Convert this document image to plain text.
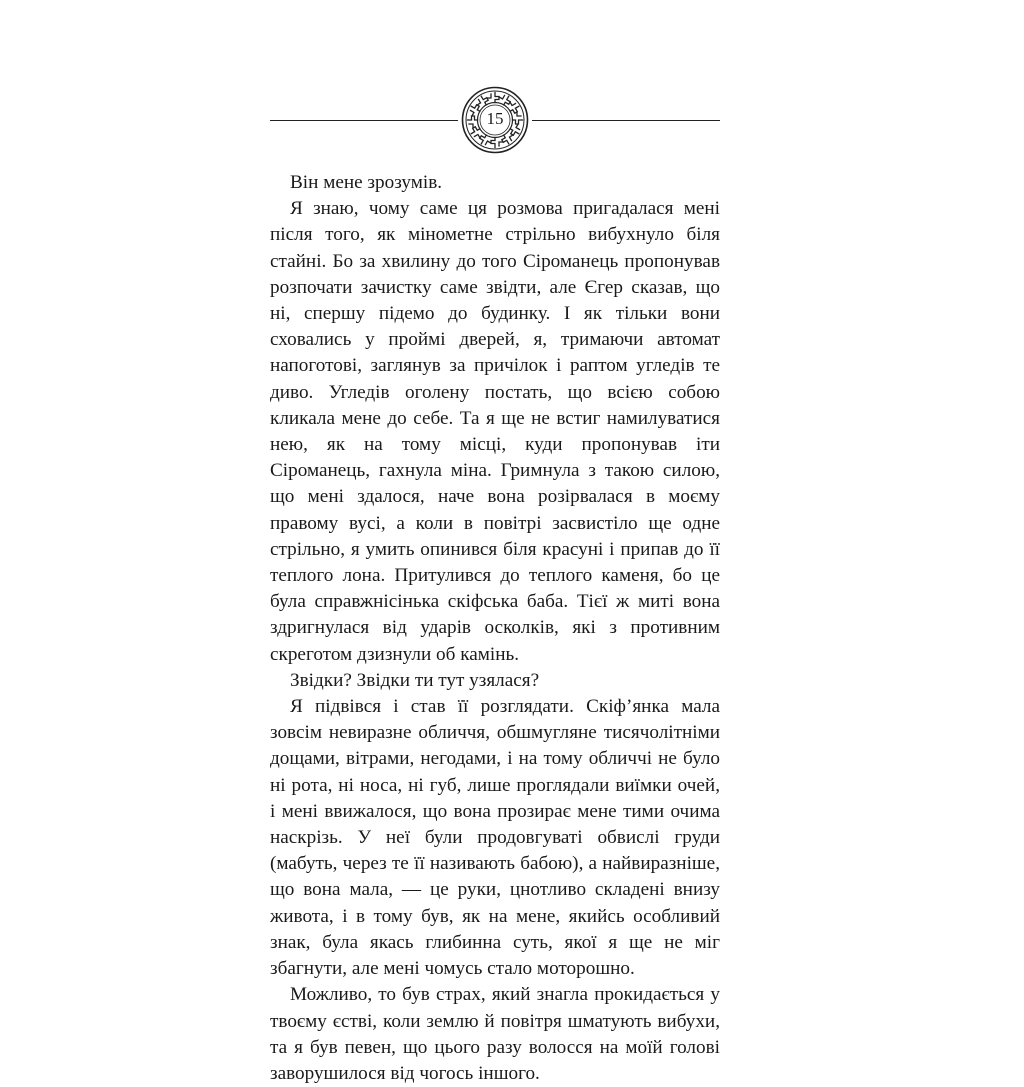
15

Він мене зрозумів.

Я знаю, чому саме ця розмова пригадалася мені після того, як мінометне стрільно вибухнуло біля стайні. Бо за хвилину до того Сіроманець пропонував розпочати зачистку саме звідти, але Єгер сказав, що ні, спершу підемо до будинку. І як тільки вони сховались у проймі дверей, я, тримаючи автомат напоготові, заглянув за причілок і раптом угледів те диво. Угледів оголену постать, що всією собою кликала мене до себе. Та я ще не встиг намилуватися нею, як на тому місці, куди пропонував іти Сіроманець, гахнула міна. Гримнула з такою силою, що мені здалося, наче вона розірвалася в моєму правому вусі, а коли в повітрі засвистіло ще одне стрільно, я умить опинився біля красуні і припав до її теплого лона. Притулився до теплого каменя, бо це була справжнісінька скіфська баба. Тієї ж миті вона здригнулася від ударів осколків, які з противним скреготом дзизнули об камінь.

Звідки? Звідки ти тут узялася?

Я підвівся і став її розглядати. Скіф’янка мала зовсім невиразне обличчя, обшмугляне тисячолітніми дощами, вітрами, негодами, і на тому обличчі не було ні рота, ні носа, ні губ, лише проглядали виїмки очей, і мені ввижалося, що вона прозирає мене тими очима наскрізь. У неї були продовгуваті обвислі груди (мабуть, через те її називають бабою), а найвиразніше, що вона мала, — це руки, цнотливо складені внизу живота, і в тому був, як на мене, якийсь особливий знак, була якась глибинна суть, якої я ще не міг збагнути, але мені чомусь стало моторошно.

Можливо, то був страх, який знагла прокидається у твоєму єстві, коли землю й повітря шматують вибухи, та я був певен, що цього разу волосся на моїй голові заворушилося від чогось іншого.
